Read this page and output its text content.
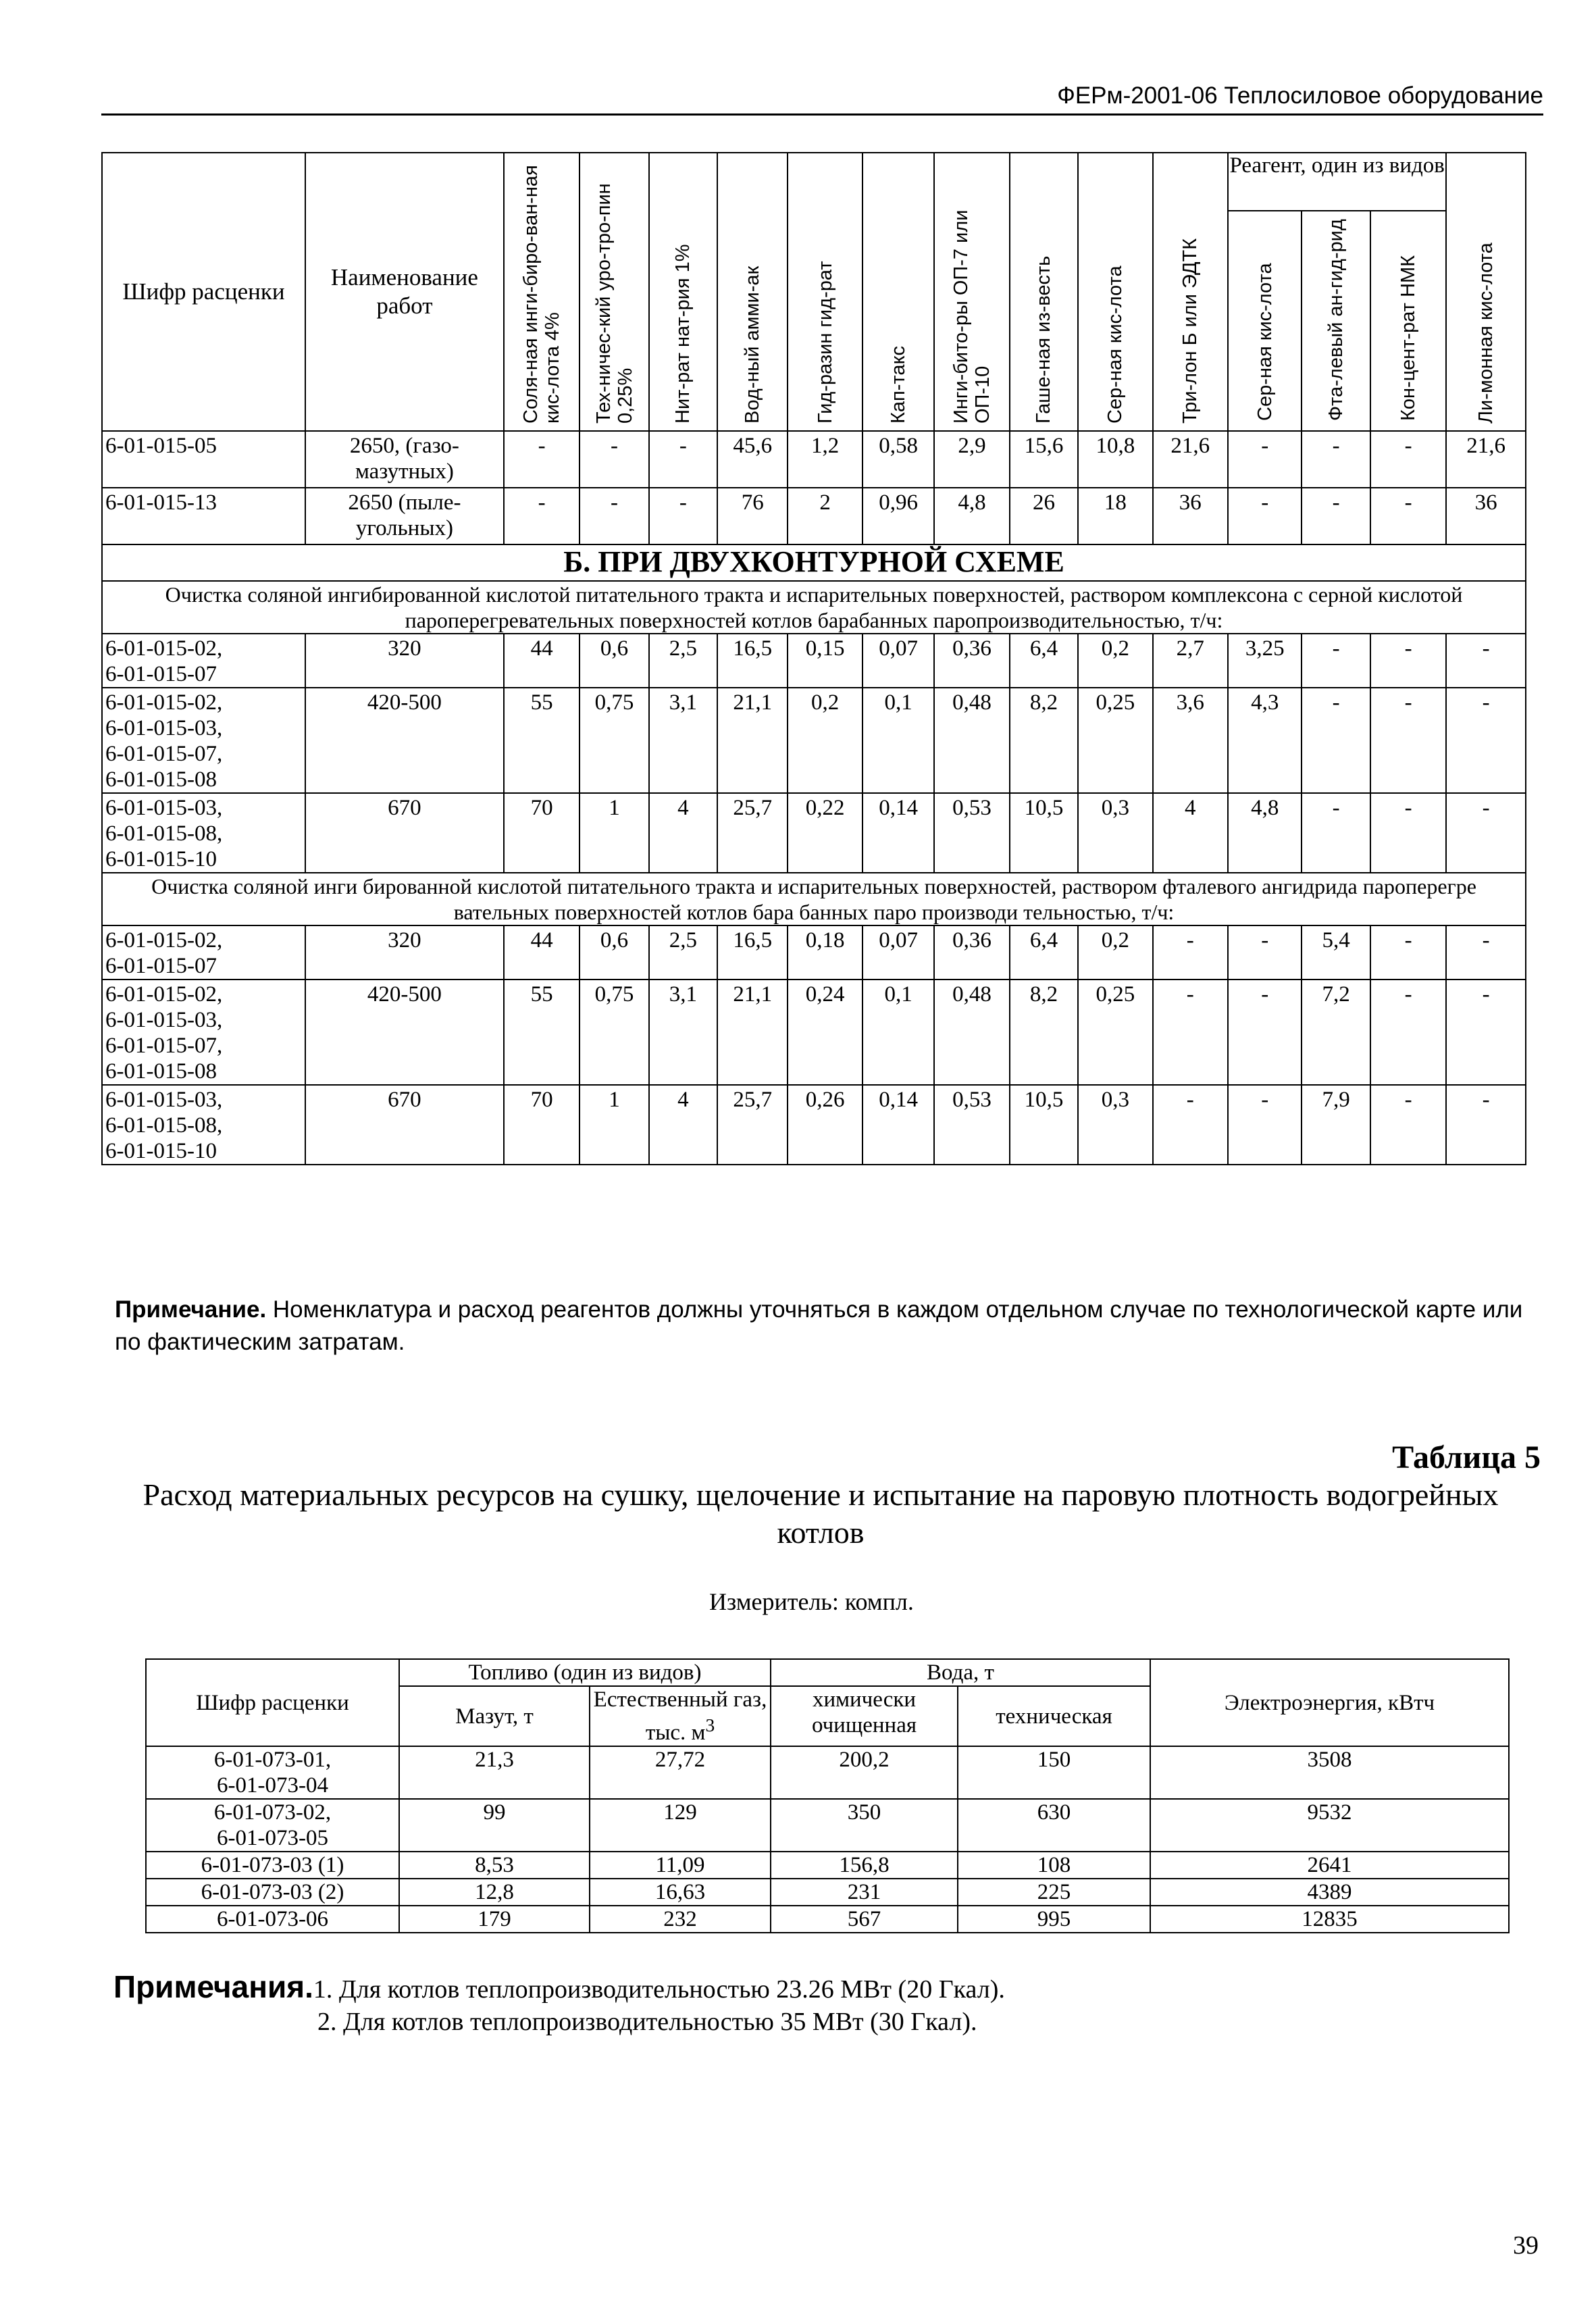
ФЕРм-2001-06 Теплосиловое оборудование
Шифр расценки	Наименование работ	Соля-ная инги-биро-ван-ная кис-лота 4%	Тех-ничес-кий уро-тро-пин 0,25%	Нит-рат нат-рия 1%	Вод-ный амми-ак	Гид-разин гид-рат	Кап-такс	Инги-бито-ры ОП-7 или ОП-10	Гаше-ная из-весть	Сер-ная кис-лота	Три-лон Б или ЭДТК	Реагент, один из видов			Ли-монная кис-лота

												Сер-ная кис-лота	Фта-левый ан-гид-рид	Кон-цент-рат НМК	

6-01-015-05	2650, (газо-мазутных)	-	-	-	45,6	1,2	0,58	2,9	15,6	10,8	21,6	-	-	-	21,6
6-01-015-13	2650 (пыле-угольных)	-	-	-	76	2	0,96	4,8	26	18	36	-	-	-	36
Б. ПРИ ДВУХКОНТУРНОЙ СХЕМЕ															
Очистка соляной ингибированной кислотой питательного тракта и испарительных поверхностей, раствором комплексона с серной кислотой пароперегревательных поверхностей котлов барабанных паропроизводительностью, т/ч:															
6-01-015-02,
6-01-015-07	320	44	0,6	2,5	16,5	0,15	0,07	0,36	6,4	0,2	2,7	3,25	-	-	-
6-01-015-02,
6-01-015-03,
6-01-015-07,
6-01-015-08	420-500	55	0,75	3,1	21,1	0,2	0,1	0,48	8,2	0,25	3,6	4,3	-	-	-
6-01-015-03,
6-01-015-08,
6-01-015-10	670	70	1	4	25,7	0,22	0,14	0,53	10,5	0,3	4	4,8	-	-	-
Очистка соляной инги бированной кислотой питательного тракта и испарительных поверхностей, раствором фталевого ангидрида пароперегре вательных поверхностей котлов бара банных паро производи тельностью, т/ч:															
6-01-015-02,
6-01-015-07	320	44	0,6	2,5	16,5	0,18	0,07	0,36	6,4	0,2	-	-	5,4	-	-
6-01-015-02,
6-01-015-03,
6-01-015-07,
6-01-015-08	420-500	55	0,75	3,1	21,1	0,24	0,1	0,48	8,2	0,25	-	-	7,2	-	-
6-01-015-03,
6-01-015-08,
6-01-015-10	670	70	1	4	25,7	0,26	0,14	0,53	10,5	0,3	-	-	7,9	-	-
Примечание. Номенклатура и расход реагентов должны уточняться в каждом отдельном случае по технологической карте или по фактическим затратам.
Таблица 5
Расход материальных ресурсов на сушку, щелочение и испытание на паровую плотность водогрейных котлов
Измеритель: компл.
Шифр расценки	Топливо (один из видов)		Вода, т		Электроэнергия, кВтч
	Мазут, т	Естественный газ, тыс. $м^3$	химически очищенная	техническая	
6-01-073-01,
6-01-073-04	21,3	27,72	200,2	150	3508
6-01-073-02,
6-01-073-05	99	129	350	630	9532
6-01-073-03 (1)	8,53	11,09	156,8	108	2641
6-01-073-03 (2)	12,8	16,63	231	225	4389
6-01-073-06	179	232	567	995	12835
Примечания.1. Для котлов теплопроизводительностью 23.26 МВт (20 Гкал).
2. Для котлов теплопроизводительностью 35 МВт (30 Гкал).
39
